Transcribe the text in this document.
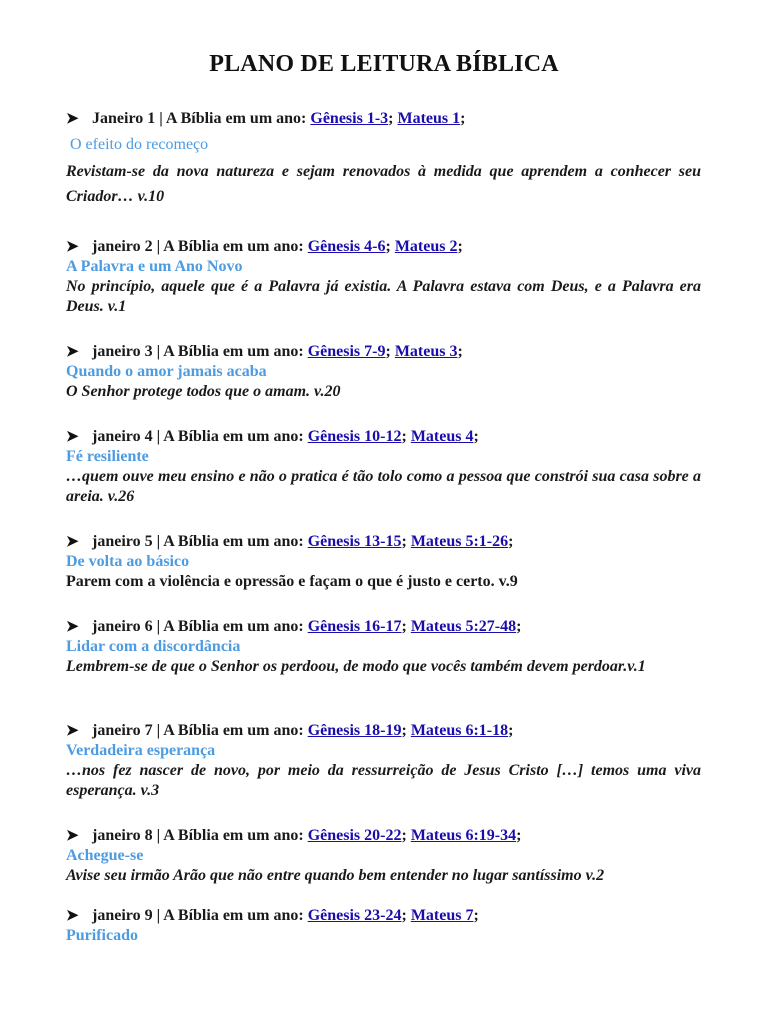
PLANO DE LEITURA BÍBLICA
➤ Janeiro 1 | A Bíblia em um ano: Gênesis 1-3; Mateus 1;
O efeito do recomeço
Revistam-se da nova natureza e sejam renovados à medida que aprendem a conhecer seu Criador… v.10
➤ janeiro 2 | A Bíblia em um ano: Gênesis 4-6; Mateus 2;
A Palavra e um Ano Novo
No princípio, aquele que é a Palavra já existia. A Palavra estava com Deus, e a Palavra era Deus. v.1
➤ janeiro 3 | A Bíblia em um ano: Gênesis 7-9; Mateus 3;
Quando o amor jamais acaba
O Senhor protege todos que o amam. v.20
➤ janeiro 4 | A Bíblia em um ano: Gênesis 10-12; Mateus 4;
Fé resiliente
…quem ouve meu ensino e não o pratica é tão tolo como a pessoa que constrói sua casa sobre a areia. v.26
➤ janeiro 5 | A Bíblia em um ano: Gênesis 13-15; Mateus 5:1-26;
De volta ao básico
Parem com a violência e opressão e façam o que é justo e certo. v.9
➤ janeiro 6 | A Bíblia em um ano: Gênesis 16-17; Mateus 5:27-48;
Lidar com a discordância
Lembrem-se de que o Senhor os perdoou, de modo que vocês também devem perdoar.v.1
➤ janeiro 7 | A Bíblia em um ano: Gênesis 18-19; Mateus 6:1-18;
Verdadeira esperança
…nos fez nascer de novo, por meio da ressurreição de Jesus Cristo […] temos uma viva esperança. v.3
➤ janeiro 8 | A Bíblia em um ano: Gênesis 20-22; Mateus 6:19-34;
Achegue-se
Avise seu irmão Arão que não entre quando bem entender no lugar santíssimo v.2
➤ janeiro 9 | A Bíblia em um ano: Gênesis 23-24; Mateus 7;
Purificado
